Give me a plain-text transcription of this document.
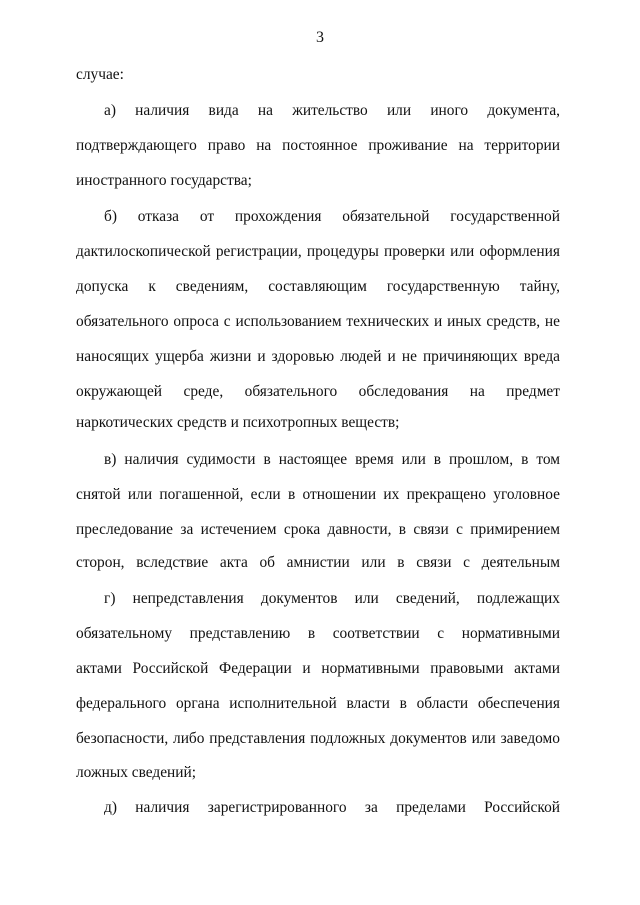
3
случае:
а) наличия вида на жительство или иного документа,
подтверждающего право на постоянное проживание на территории
иностранного государства;
б) отказа от прохождения обязательной государственной
дактилоскопической регистрации, процедуры проверки или оформления
допуска к сведениям, составляющим государственную тайну,
обязательного опроса с использованием технических и иных средств, не
наносящих ущерба жизни и здоровью людей и не причиняющих вреда
окружающей среде, обязательного обследования на предмет
наркотических средств и психотропных веществ;
в) наличия судимости в настоящее время или в прошлом, в том
снятой или погашенной, если в отношении их прекращено уголовное
преследование за истечением срока давности, в связи с примирением
сторон, вследствие акта об амнистии или в связи с деятельным
г) непредставления документов или сведений, подлежащих
обязательному представлению в соответствии с нормативными
актами Российской Федерации и нормативными правовыми актами
федерального органа исполнительной власти в области обеспечения
безопасности, либо представления подложных документов или заведомо
ложных сведений;
д) наличия зарегистрированного за пределами Российской
